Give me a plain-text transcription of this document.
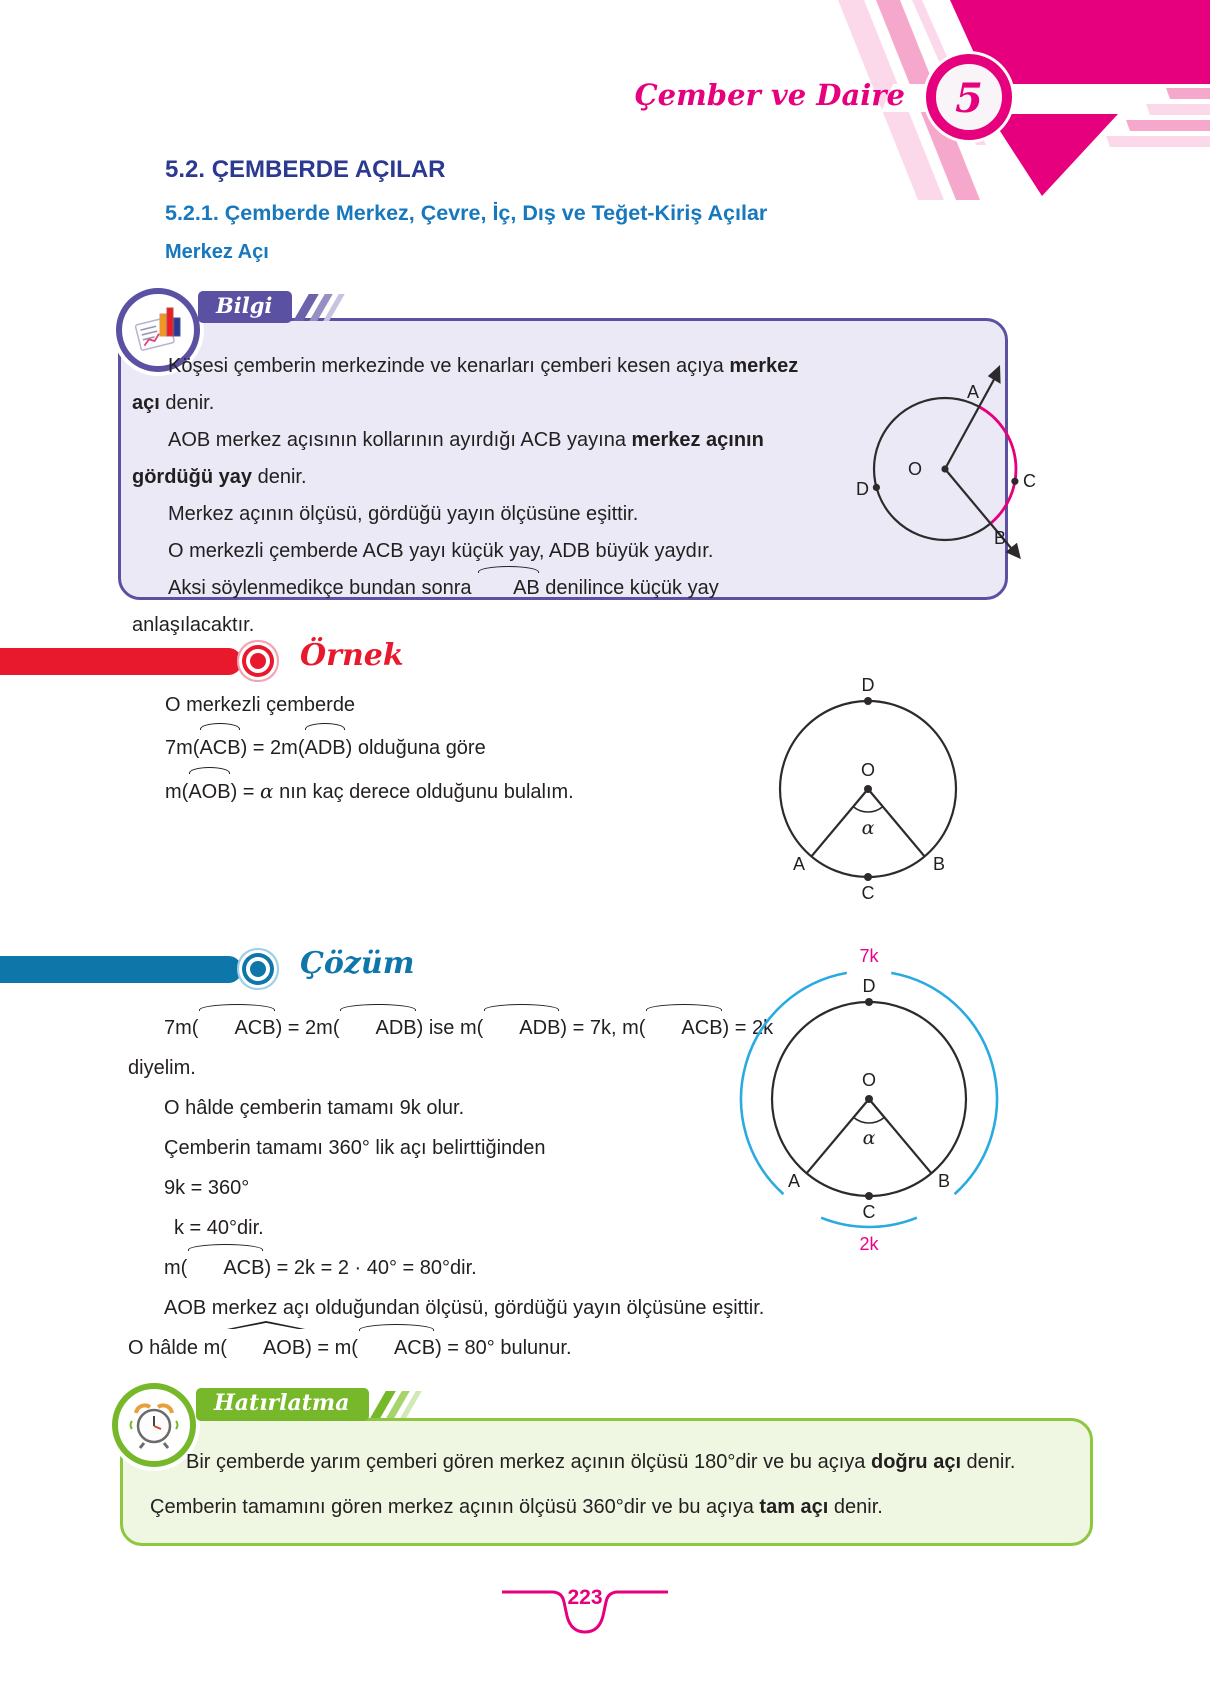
5
Çember ve Daire
5.2. ÇEMBERDE AÇILAR
5.2.1. Çemberde Merkez, Çevre, İç, Dış ve Teğet-Kiriş Açılar
Merkez Açı
Bilgi

Köşesi çemberin merkezinde ve kenarları çemberi kesen açıya merkez açı denir.

AOB merkez açısının kollarının ayırdığı ACB yayına merkez açının gördüğü yay denir.

Merkez açının ölçüsü, gördüğü yayın ölçüsüne eşittir.

O merkezli çemberde ACB yayı küçük yay, ADB büyük yaydır.

Aksi söylenmedikçe bundan sonra AB denilince küçük yay anlaşılacaktır.

A
C
B
D
O
Örnek

O merkezli çemberde

7m(ACB) = 2m(ADB) olduğuna göre

m(AOB) = α nın kaç derece olduğunu bulalım.

D
O
α
A	B
C
Çözüm

7m( ACB) = 2m( ADB) ise m( ADB) = 7k, m( ACB) = 2k diyelim.

O hâlde çemberin tamamı 9k olur.

Çemberin tamamı 360° lik açı belirttiğinden

9k = 360°

k = 40°dir.

m( ACB) = 2k = 2 · 40° = 80°dir.

AOB merkez açı olduğundan ölçüsü, gördüğü yayın ölçüsüne eşittir. O hâlde m( AOB) = m( ACB) = 80° bulunur.

7k
D
O
α
A	B
C
2k
Hatırlatma

Bir çemberde yarım çemberi gören merkez açının ölçüsü 180°dir ve bu açıya doğru açı denir. Çemberin tamamını gören merkez açının ölçüsü 360°dir ve bu açıya tam açı denir.

223
